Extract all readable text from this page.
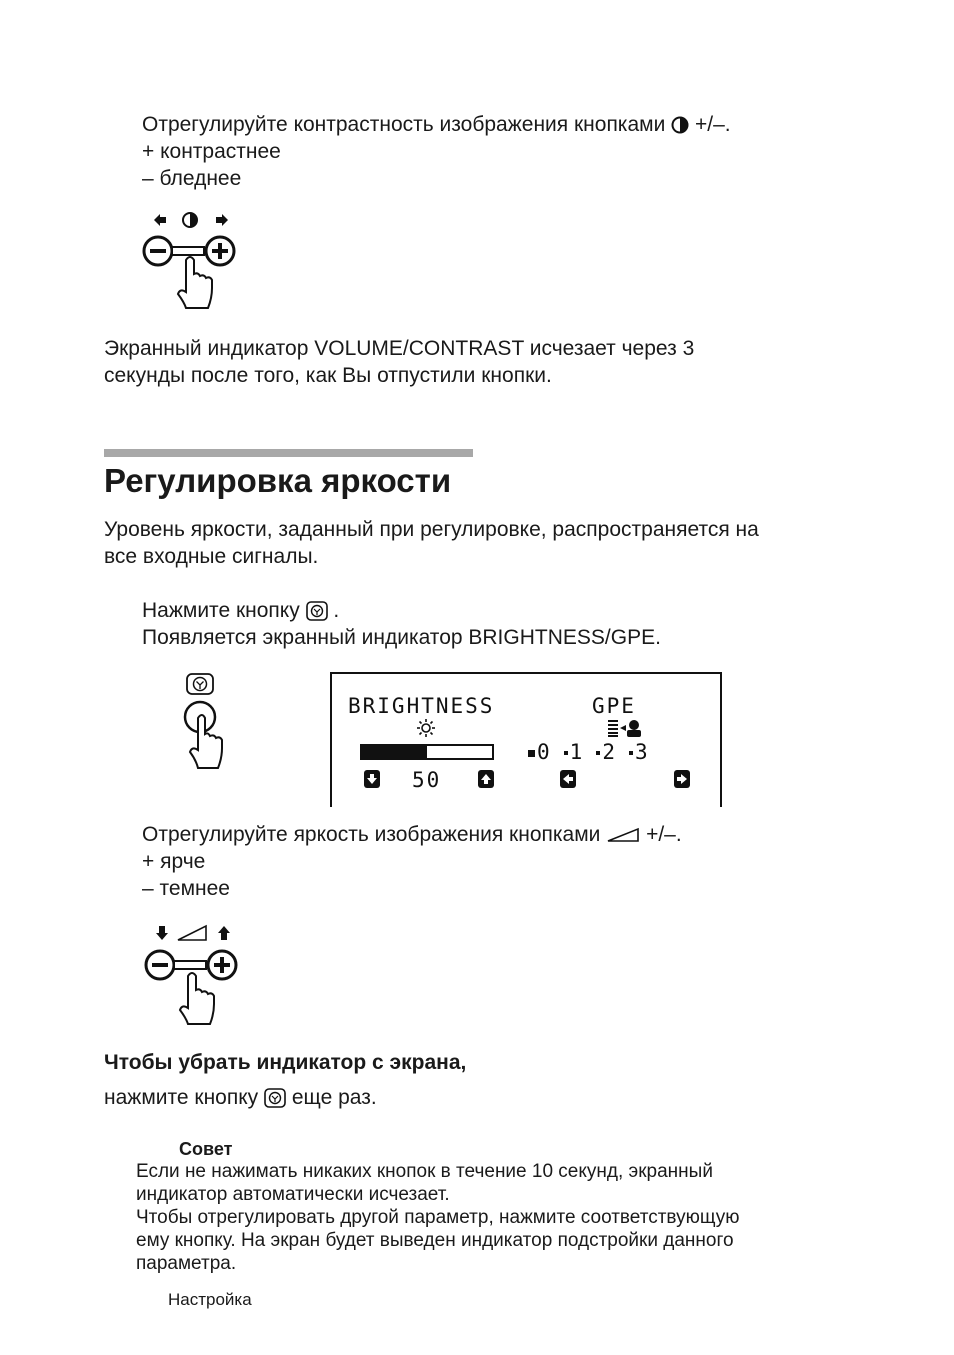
Отрегулируйте контрастность изображения кнопками +/–.

+ контрастнее

– бледнее

Экранный индикатор VOLUME/CONTRAST исчезает через 3

секунды после того, как Вы отпустили кнопки.

Регулировка яркости

Уровень яркости, заданный при регулировке, распространяется на

все входные сигналы.

Нажмите кнопку .

Появляется экранный индикатор BRIGHTNESS/GPE.

BRIGHTNESS	GPE
0 1 2 3
50

Отрегулируйте яркость изображения кнопками +/–.

+ ярче

– темнее

Чтобы убрать индикатор с экрана,

нажмите кнопку еще раз.

Совет

Если не нажимать никаких кнопок в течение 10 секунд, экранный

индикатор автоматически исчезает.

Чтобы отрегулировать другой параметр, нажмите соответствующую

ему кнопку. На экран будет выведен индикатор подстройки данного

параметра.

Настройка
